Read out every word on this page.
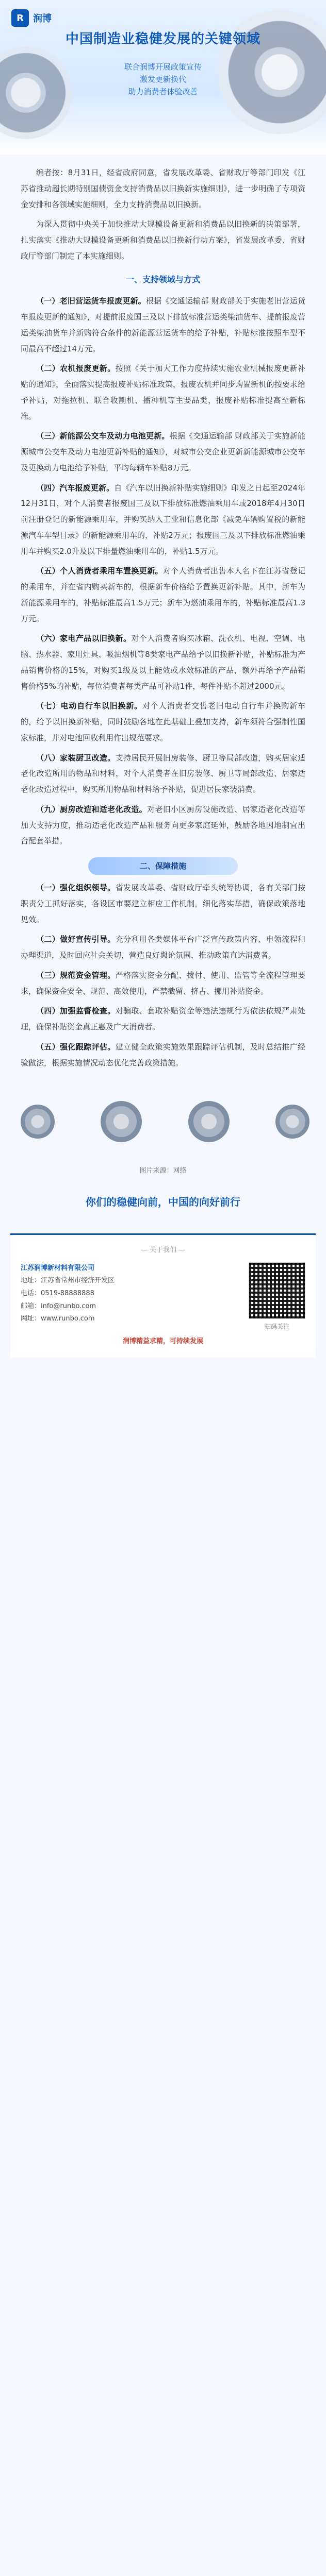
R	润博
中国制造业稳健发展的关键领域
联合润博开展政策宣传
激发更新换代
助力消费者体验改善

编者按：8月31日，经省政府同意，省发展改革委、省财政厅等部门印发《江苏省推动超长期特别国债资金支持消费品以旧换新实施细则》，进一步明确了专项资金安排和各领域实施细则，全力支持消费品以旧换新。

为深入贯彻中央关于加快推动大规模设备更新和消费品以旧换新的决策部署，扎实落实《推动大规模设备更新和消费品以旧换新行动方案》，省发展改革委、省财政厅等部门制定了本实施细则。

一、支持领域与方式

（一）老旧营运货车报废更新。根据《交通运输部 财政部关于实施老旧营运货车报废更新的通知》，对提前报废国三及以下排放标准营运类柴油货车、提前报废营运类柴油货车并新购符合条件的新能源营运货车的给予补贴，补贴标准按照车型不同最高不超过14万元。

（二）农机报废更新。按照《关于加大工作力度持续实施农业机械报废更新补贴的通知》，全面落实提高报废补贴标准政策，报废农机并同步购置新机的按要求给予补贴，对拖拉机、联合收割机、播种机等主要品类，报废补贴标准提高至新标准。

（三）新能源公交车及动力电池更新。根据《交通运输部 财政部关于实施新能源城市公交车及动力电池更新补贴的通知》，对城市公交企业更新新能源城市公交车及更换动力电池给予补贴，平均每辆车补贴8万元。

（四）汽车报废更新。自《汽车以旧换新补贴实施细则》印发之日起至2024年12月31日，对个人消费者报废国三及以下排放标准燃油乘用车或2018年4月30日前注册登记的新能源乘用车，并购买纳入工业和信息化部《减免车辆购置税的新能源汽车车型目录》的新能源乘用车的，补贴2万元；报废国三及以下排放标准燃油乘用车并购买2.0升及以下排量燃油乘用车的，补贴1.5万元。

（五）个人消费者乘用车置换更新。对个人消费者出售本人名下在江苏省登记的乘用车，并在省内购买新车的，根据新车价格给予置换更新补贴。其中，新车为新能源乘用车的，补贴标准最高1.5万元；新车为燃油乘用车的，补贴标准最高1.3万元。

（六）家电产品以旧换新。对个人消费者购买冰箱、洗衣机、电视、空调、电脑、热水器、家用灶具、吸油烟机等8类家电产品给予以旧换新补贴，补贴标准为产品销售价格的15%，对购买1级及以上能效或水效标准的产品，额外再给予产品销售价格5%的补贴，每位消费者每类产品可补贴1件，每件补贴不超过2000元。

（七）电动自行车以旧换新。对个人消费者交售老旧电动自行车并换购新车的，给予以旧换新补贴，同时鼓励各地在此基础上叠加支持，新车须符合强制性国家标准，并对电池回收利用作出规范要求。

（八）家装厨卫改造。支持居民开展旧房装修、厨卫等局部改造，购买居家适老化改造所用的物品和材料，对个人消费者在旧房装修、厨卫等局部改造、居家适老化改造过程中，购买所用物品和材料给予补贴，促进居民家装消费。

（九）厨房改造和适老化改造。对老旧小区厨房设施改造、居家适老化改造等加大支持力度，推动适老化改造产品和服务向更多家庭延伸，鼓励各地因地制宜出台配套举措。

二、保障措施

（一）强化组织领导。省发展改革委、省财政厅牵头统筹协调，各有关部门按职责分工抓好落实，各设区市要建立相应工作机制，细化落实举措，确保政策落地见效。

（二）做好宣传引导。充分利用各类媒体平台广泛宣传政策内容、申领流程和办理渠道，及时回应社会关切，营造良好舆论氛围，推动政策直达消费者。

（三）规范资金管理。严格落实资金分配、拨付、使用、监管等全流程管理要求，确保资金安全、规范、高效使用，严禁截留、挤占、挪用补贴资金。

（四）加强监督检查。对骗取、套取补贴资金等违法违规行为依法依规严肃处理，确保补贴资金真正惠及广大消费者。

（五）强化跟踪评估。建立健全政策实施效果跟踪评估机制，及时总结推广经验做法，根据实施情况动态优化完善政策措施。

图片来源：网络
你们的稳健向前，中国的向好前行
— 关于我们 —
江苏润博新材料有限公司
地址：江苏省常州市经济开发区
电话：0519-88888888
邮箱：info@runbo.com
网址：www.runbo.com
扫码关注
润博精益求精，可持续发展
